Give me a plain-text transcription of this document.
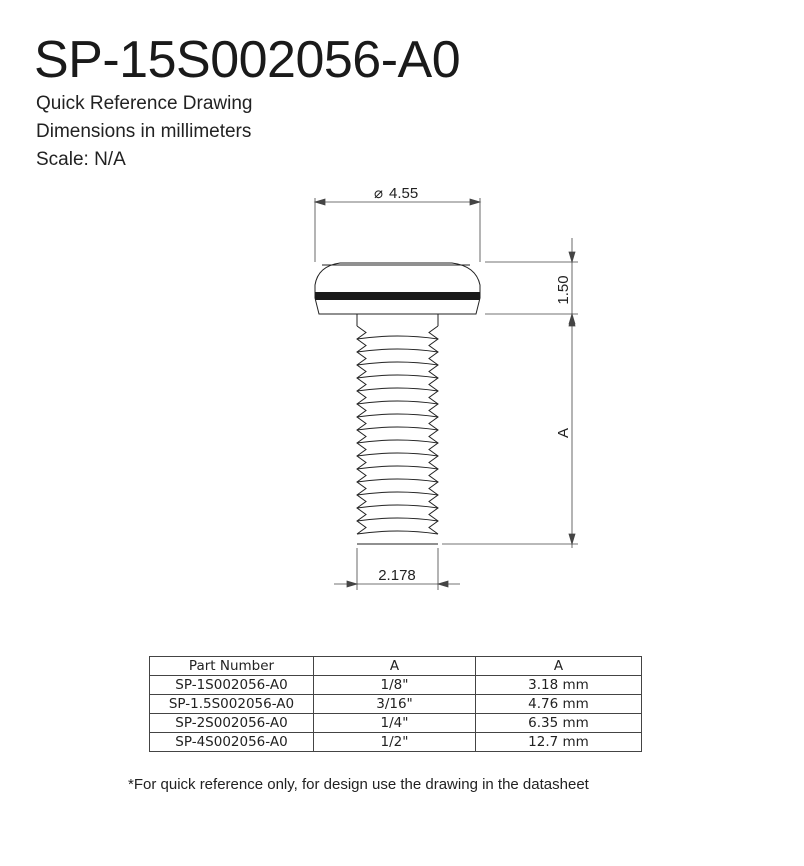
SP-15S002056-A0
Quick Reference Drawing
Dimensions in millimeters
Scale: N/A
⌀ 4.55
1.50
A
2.178
Part Number	A	A
SP-1S002056-A0	1/8"	3.18 mm
SP-1.5S002056-A0	3/16"	4.76 mm
SP-2S002056-A0	1/4"	6.35 mm
SP-4S002056-A0	1/2"	12.7 mm
*For quick reference only, for design use the drawing in the datasheet
